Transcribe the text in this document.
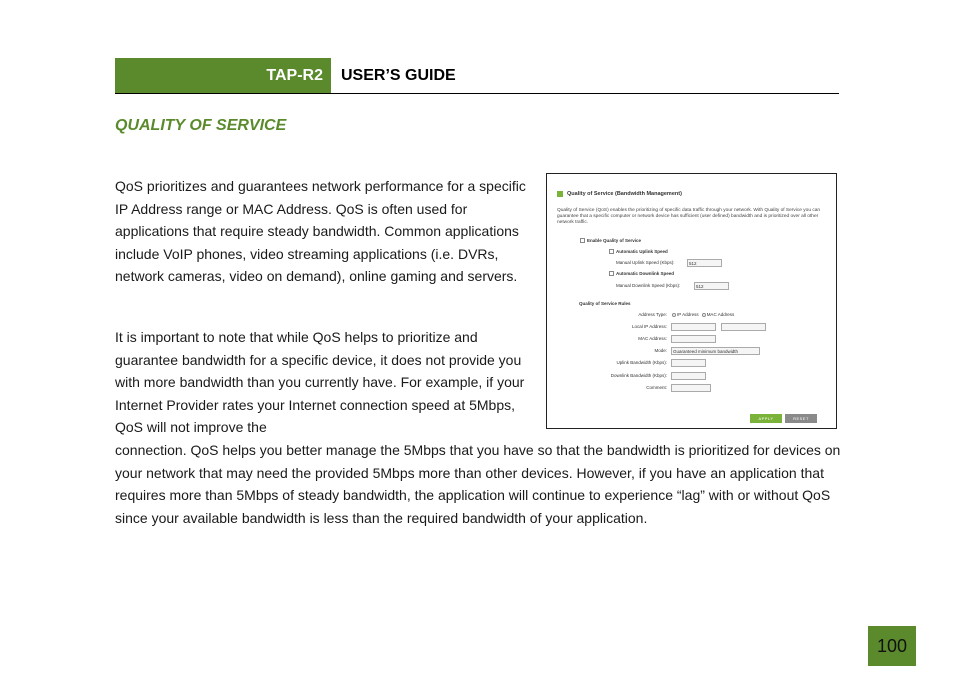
TAP-R2 USER’S GUIDE
QUALITY OF SERVICE

QoS prioritizes and guarantees network performance for a specific IP Address range or MAC Address. QoS is often used for applications that require steady bandwidth. Common applications include VoIP phones, video streaming applications (i.e. DVRs, network cameras, video on demand), online gaming and servers.

It is important to note that while QoS helps to prioritize and guarantee bandwidth for a specific device, it does not provide you with more bandwidth than you currently have. For example, if your Internet Provider rates your Internet connection speed at 5Mbps, QoS will not improve the

connection. QoS helps you better manage the 5Mbps that you have so that the bandwidth is prioritized for devices on your network that may need the provided 5Mbps more than other devices. However, if you have an application that requires more than 5Mbps of steady bandwidth, the application will continue to experience “lag” with or without QoS since your available bandwidth is less than the required bandwidth of your application.

Quality of Service (Bandwidth Management)
Quality of Service (QoS) enables the prioritizing of specific data traffic through your network. With Quality of Service you can guarantee that a specific computer or network device has sufficient (user defined) bandwidth and is prioritized over all other network traffic.
Enable Quality of Service
Automatic Uplink Speed
Manual Uplink Speed (Kbps):	512
Automatic Downlink Speed
Manual Downlink Speed (Kbps):	512
Quality of Service Rules
Address Type: IP Address MAC Address
Local IP Address:
MAC Address:
Mode:	Guaranteed minimum bandwidth
Uplink Bandwidth (Kbps):
Downlink Bandwidth (Kbps):
Comment:
APPLY	RESET
100
